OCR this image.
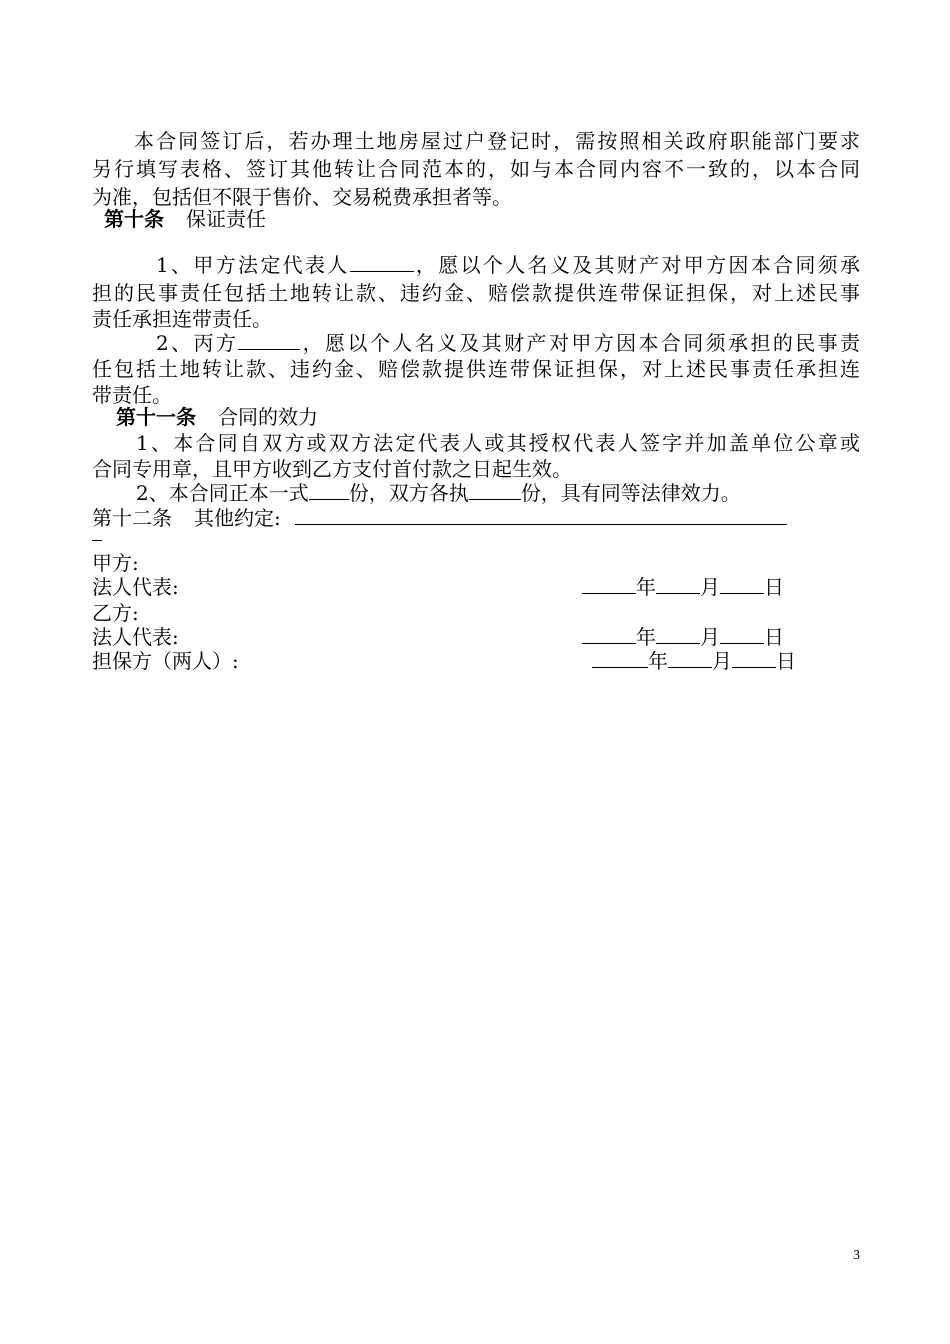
本合同签订后，若办理土地房屋过户登记时，需按照相关政府职能部门要求
另行填写表格、签订其他转让合同范本的，如与本合同内容不一致的，以本合同
为准，包括但不限于售价、交易税费承担者等。
第十条 保证责任
1、甲方法定代表人	，愿以个人名义及其财产对甲方因本合同须承
担的民事责任包括土地转让款、违约金、赔偿款提供连带保证担保，对上述民事
责任承担连带责任。
2、丙方	，愿以个人名义及其财产对甲方因本合同须承担的民事责
任包括土地转让款、违约金、赔偿款提供连带保证担保，对上述民事责任承担连
带责任。
第十一条 合同的效力
1、本合同自双方或双方法定代表人或其授权代表人签字并加盖单位公章或
合同专用章，且甲方收到乙方支付首付款之日起生效。
2、本合同正本一式 份，双方各执	份，具有同等法律效力。
第十二条 其他约定:
甲方:
法人代表:	年 月 日
乙方:
法人代表:	年 月 日
担保方（两人）:	年 月 日
3
